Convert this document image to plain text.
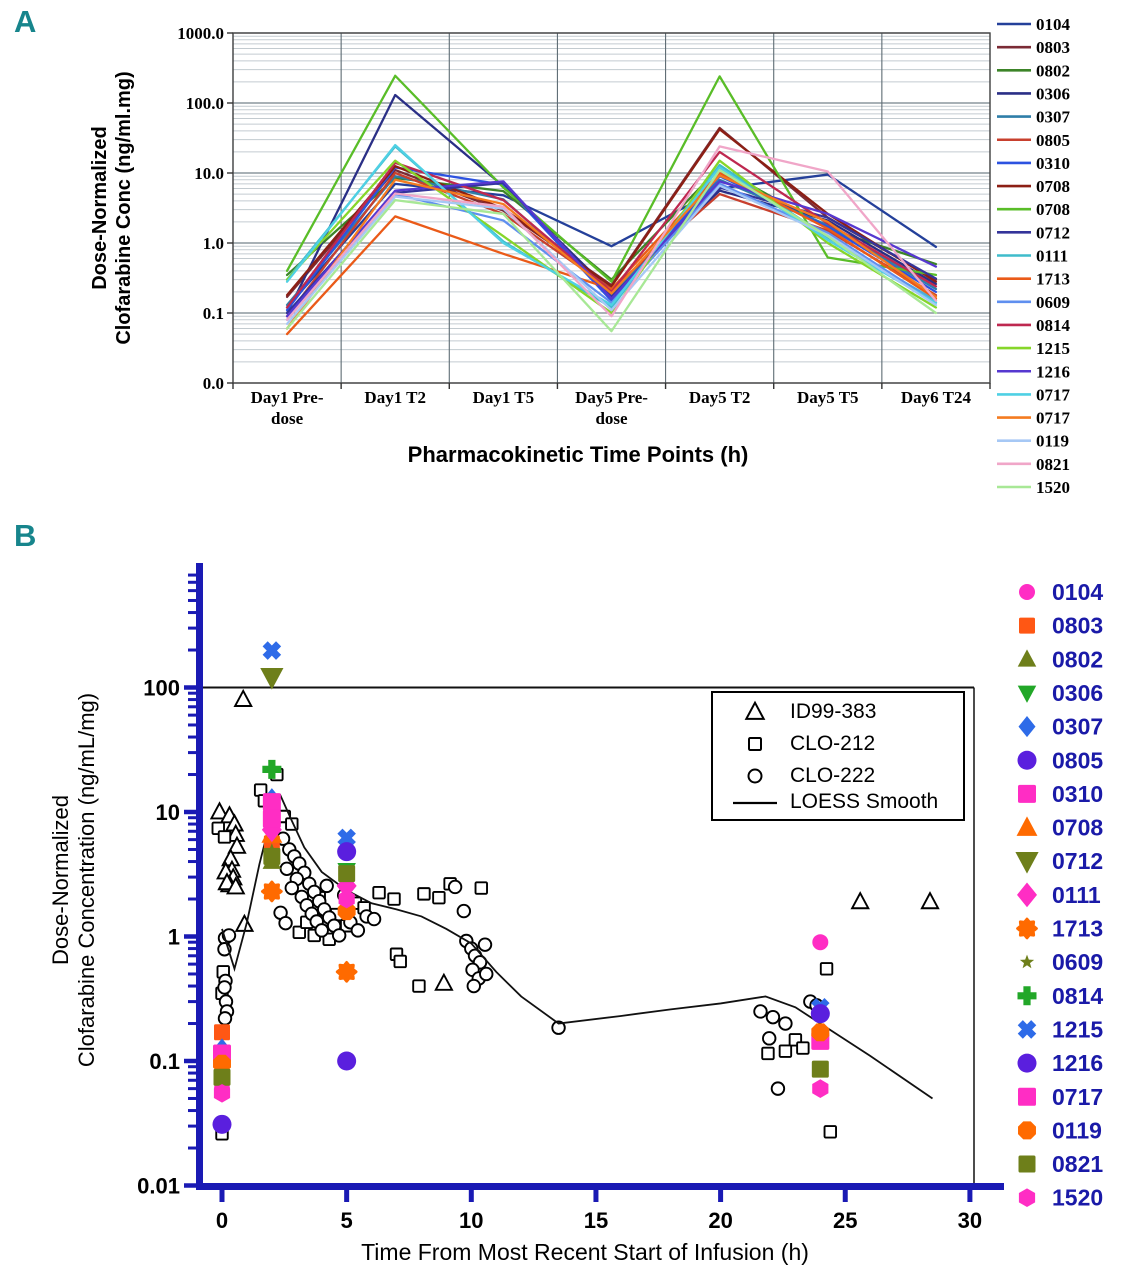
A
B
1000.0
100.0
10.0
1.0
0.1
0.0
Dose-Normalized Clofarabine Conc (ng/ml.mg)
Day1 Pre-
dose
Day1 T2	Day1 T5 Day5 Pre-
dose
Day5 T2	Day5 T5 Day6 T24
Pharmacokinetic Time Points (h)
0104
0803
0802
0306
0307
0805
0310
0708
0708
0712
0111
1713
0609
0814
1215
1216
0717
0717
0119
0821
1520
100
10
1
0.1
0.01
Dose-Normalized Clofarabine Concentration (ng/mL/mg)
0	5	10	15	20	25	30
Time From Most Recent Start of Infusion (h)
ID99-383
CLO-212
CLO-222
LOESS Smooth
0104
0803
0802
0306
0307
0805
0310
0708
0712
0111
1713
0609
0814
1215
1216
0717
0119
0821
1520
